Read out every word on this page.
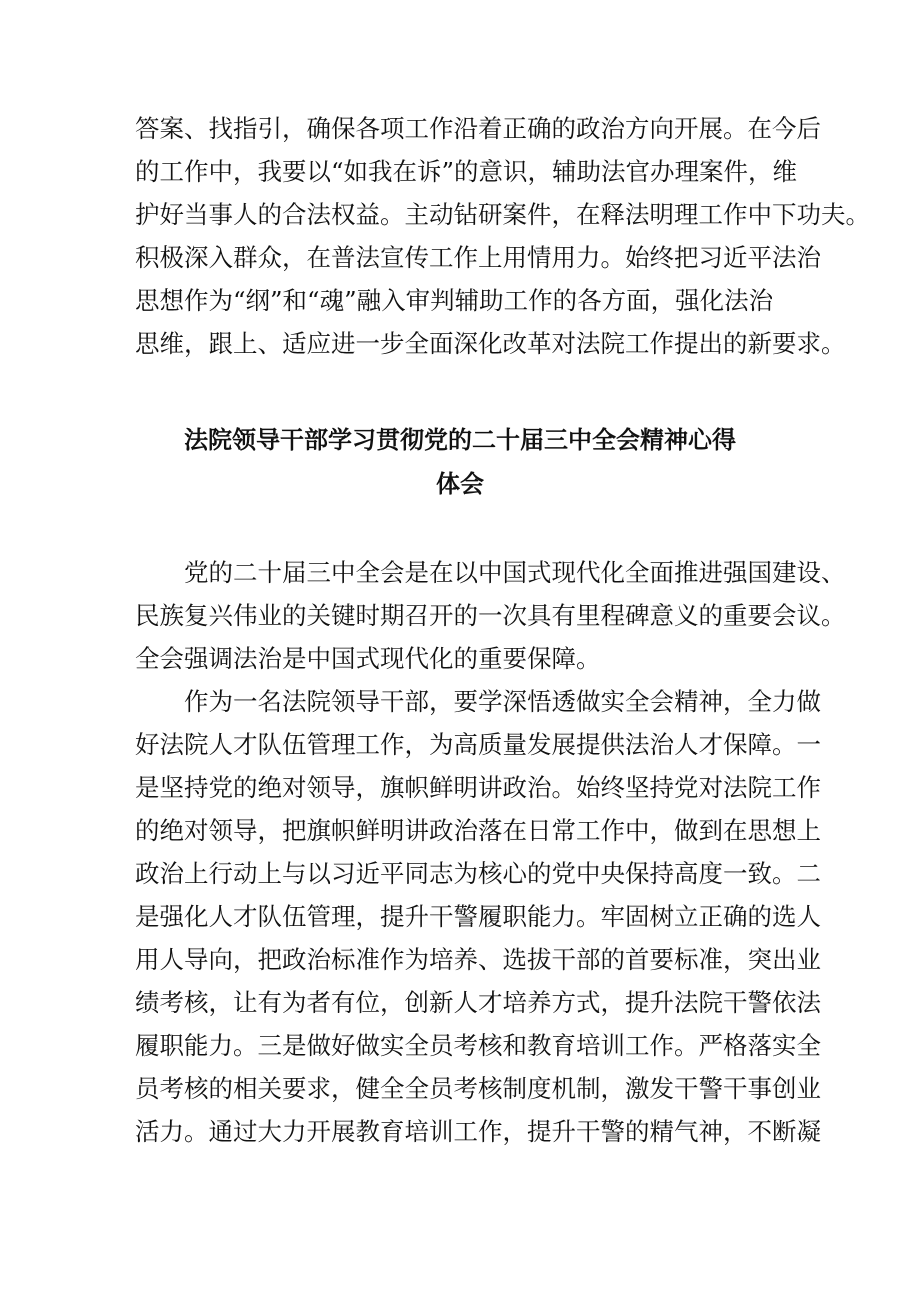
答案、找指引，确保各项工作沿着正确的政治方向开展。在今后

的工作中，我要以“如我在诉”的意识，辅助法官办理案件，维

护好当事人的合法权益。主动钻研案件，在释法明理工作中下功夫。

积极深入群众，在普法宣传工作上用情用力。始终把习近平法治

思想作为“纲”和“魂”融入审判辅助工作的各方面，强化法治

思维，跟上、适应进一步全面深化改革对法院工作提出的新要求。

法院领导干部学习贯彻党的二十届三中全会精神心得
体会

党的二十届三中全会是在以中国式现代化全面推进强国建设、

民族复兴伟业的关键时期召开的一次具有里程碑意义的重要会议。

全会强调法治是中国式现代化的重要保障。

作为一名法院领导干部，要学深悟透做实全会精神，全力做

好法院人才队伍管理工作，为高质量发展提供法治人才保障。一

是坚持党的绝对领导，旗帜鲜明讲政治。始终坚持党对法院工作

的绝对领导，把旗帜鲜明讲政治落在日常工作中，做到在思想上

政治上行动上与以习近平同志为核心的党中央保持高度一致。二

是强化人才队伍管理，提升干警履职能力。牢固树立正确的选人

用人导向，把政治标准作为培养、选拔干部的首要标准，突出业

绩考核，让有为者有位，创新人才培养方式，提升法院干警依法

履职能力。三是做好做实全员考核和教育培训工作。严格落实全

员考核的相关要求，健全全员考核制度机制，激发干警干事创业

活力。通过大力开展教育培训工作，提升干警的精气神，不断凝
